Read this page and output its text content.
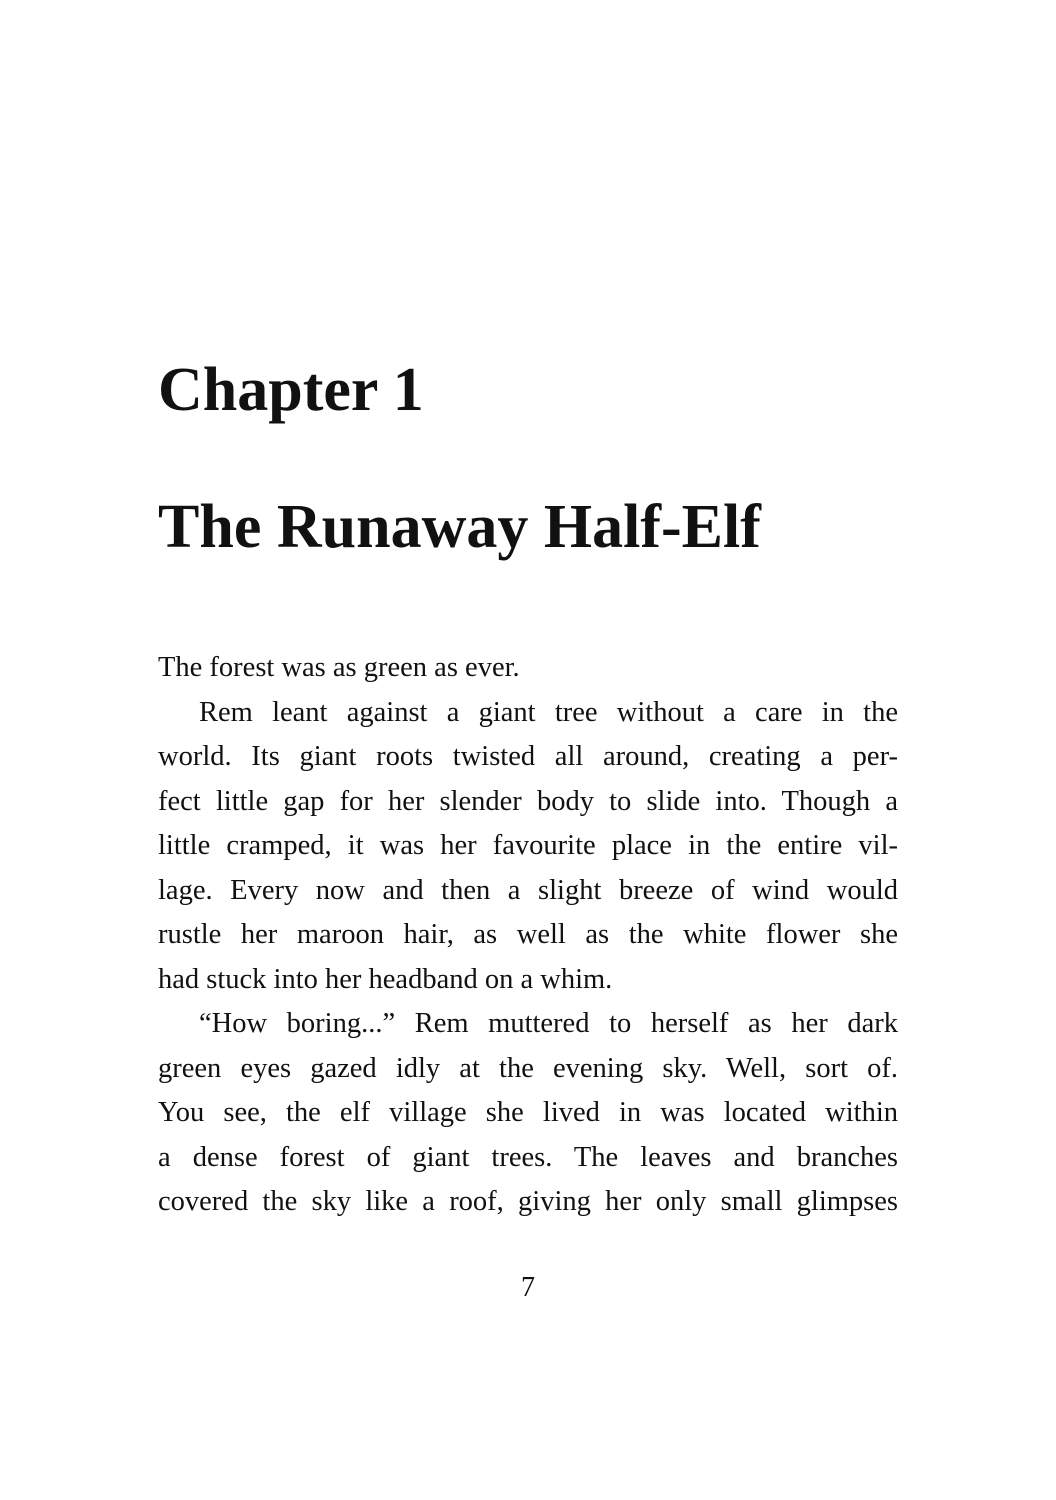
Chapter 1
The Runaway Half-Elf
The forest was as green as ever.
Rem leant against a giant tree without a care in the
world. Its giant roots twisted all around, creating a per-
fect little gap for her slender body to slide into. Though a
little cramped, it was her favourite place in the entire vil-
lage. Every now and then a slight breeze of wind would
rustle her maroon hair, as well as the white flower she
had stuck into her headband on a whim.
“How boring...” Rem muttered to herself as her dark
green eyes gazed idly at the evening sky. Well, sort of.
You see, the elf village she lived in was located within
a dense forest of giant trees. The leaves and branches
covered the sky like a roof, giving her only small glimpses
7
